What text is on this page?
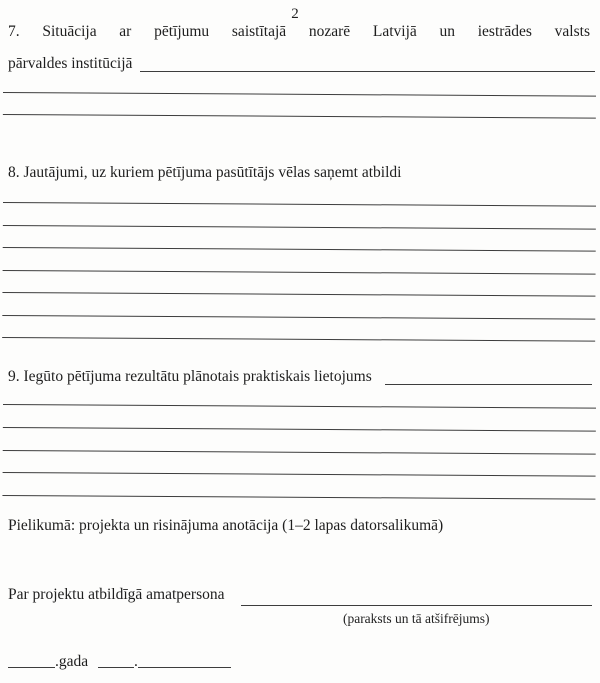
2
7. Situācija ar pētījumu saistītajā nozarē Latvijā un iestrādes valsts
pārvaldes institūcijā
8. Jautājumi, uz kuriem pētījuma pasūtītājs vēlas saņemt atbildi
9. Iegūto pētījuma rezultātu plānotais praktiskais lietojums
Pielikumā: projekta un risinājuma anotācija (1–2 lapas datorsalikumā)
Par projektu atbildīgā amatpersona
(paraksts un tā atšifrējums)
.gada	.
